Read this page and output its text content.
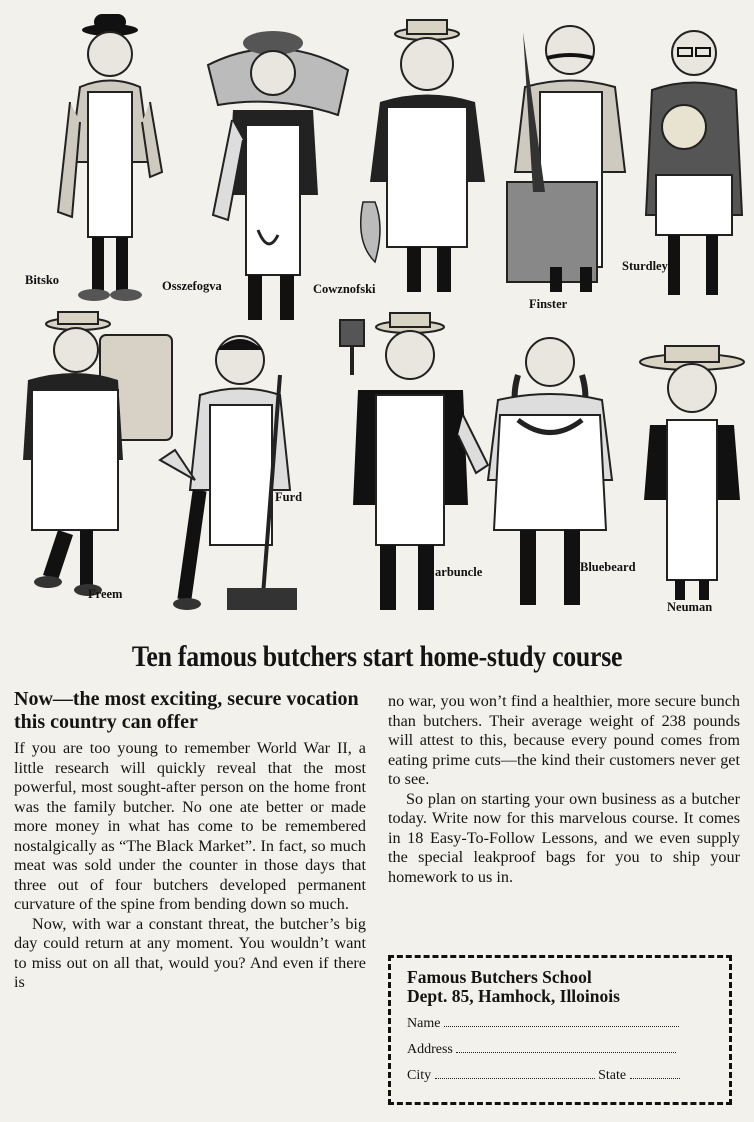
Bitsko	Osszefogva	Cowznofski
Finster
Sturdley
Freem
Furd
Carbuncle	Bluebeard
Neuman
Ten famous butchers start home-study course
Now—the most exciting, secure vocation this country can offer

If you are too young to remember World War II, a little research will quickly reveal that the most powerful, most sought-after person on the home front was the family butcher. No one ate better or made more money in what has come to be remembered nostalgically as “The Black Market”. In fact, so much meat was sold under the counter in those days that three out of four butchers developed permanent curvature of the spine from bending down so much.

Now, with war a constant threat, the butcher’s big day could return at any moment. You wouldn’t want to miss out on all that, would you? And even if there is

no war, you won’t find a healthier, more secure bunch than butchers. Their average weight of 238 pounds will attest to this, because every pound comes from eating prime cuts—the kind their customers never get to see.

So plan on starting your own business as a butcher today. Write now for this marvelous course. It comes in 18 Easy-To-Follow Lessons, and we even supply the special leakproof bags for you to ship your homework to us in.

Famous Butchers School
Dept. 85, Hamhock, Illoinois
Name
Address
City	State
